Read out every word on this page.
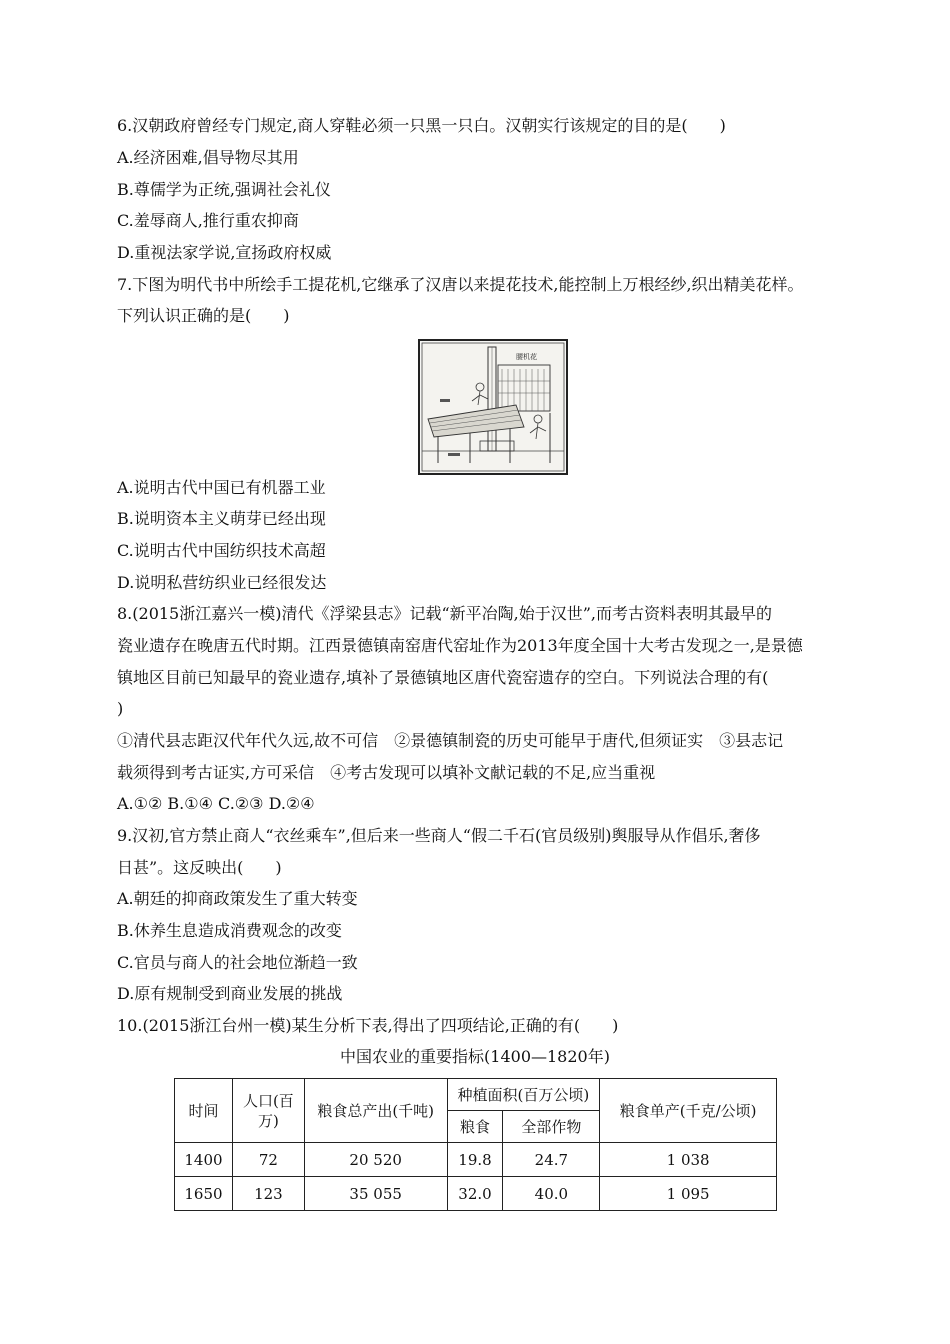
6.汉朝政府曾经专门规定,商人穿鞋必须一只黑一只白。汉朝实行该规定的目的是(　　)
A.经济困难,倡导物尽其用
B.尊儒学为正统,强调社会礼仪
C.羞辱商人,推行重农抑商
D.重视法家学说,宣扬政府权威
7.下图为明代书中所绘手工提花机,它继承了汉唐以来提花技术,能控制上万根经纱,织出精美花样。
下列认识正确的是(　　)
腰机花
A.说明古代中国已有机器工业
B.说明资本主义萌芽已经出现
C.说明古代中国纺织技术高超
D.说明私营纺织业已经很发达
8.(2015浙江嘉兴一模)清代《浮梁县志》记载“新平冶陶,始于汉世”,而考古资料表明其最早的
瓷业遗存在晚唐五代时期。江西景德镇南窑唐代窑址作为2013年度全国十大考古发现之一,是景德
镇地区目前已知最早的瓷业遗存,填补了景德镇地区唐代瓷窑遗存的空白。下列说法合理的有(
)
①清代县志距汉代年代久远,故不可信　②景德镇制瓷的历史可能早于唐代,但须证实　③县志记
载须得到考古证实,方可采信　④考古发现可以填补文献记载的不足,应当重视
A.①② B.①④ C.②③ D.②④
9.汉初,官方禁止商人“衣丝乘车”,但后来一些商人“假二千石(官员级别)舆服导从作倡乐,奢侈
日甚”。这反映出(　　)
A.朝廷的抑商政策发生了重大转变
B.休养生息造成消费观念的改变
C.官员与商人的社会地位渐趋一致
D.原有规制受到商业发展的挑战
10.(2015浙江台州一模)某生分析下表,得出了四项结论,正确的有(　　)
中国农业的重要指标(1400—1820年)
时间	人口(百万)	粮食总产出(千吨)	种植面积(百万公顷)		粮食单产(千克/公顷)
			粮食	全部作物	
1400	72	20 520	19.8	24.7	1 038
1650	123	35 055	32.0	40.0	1 095
